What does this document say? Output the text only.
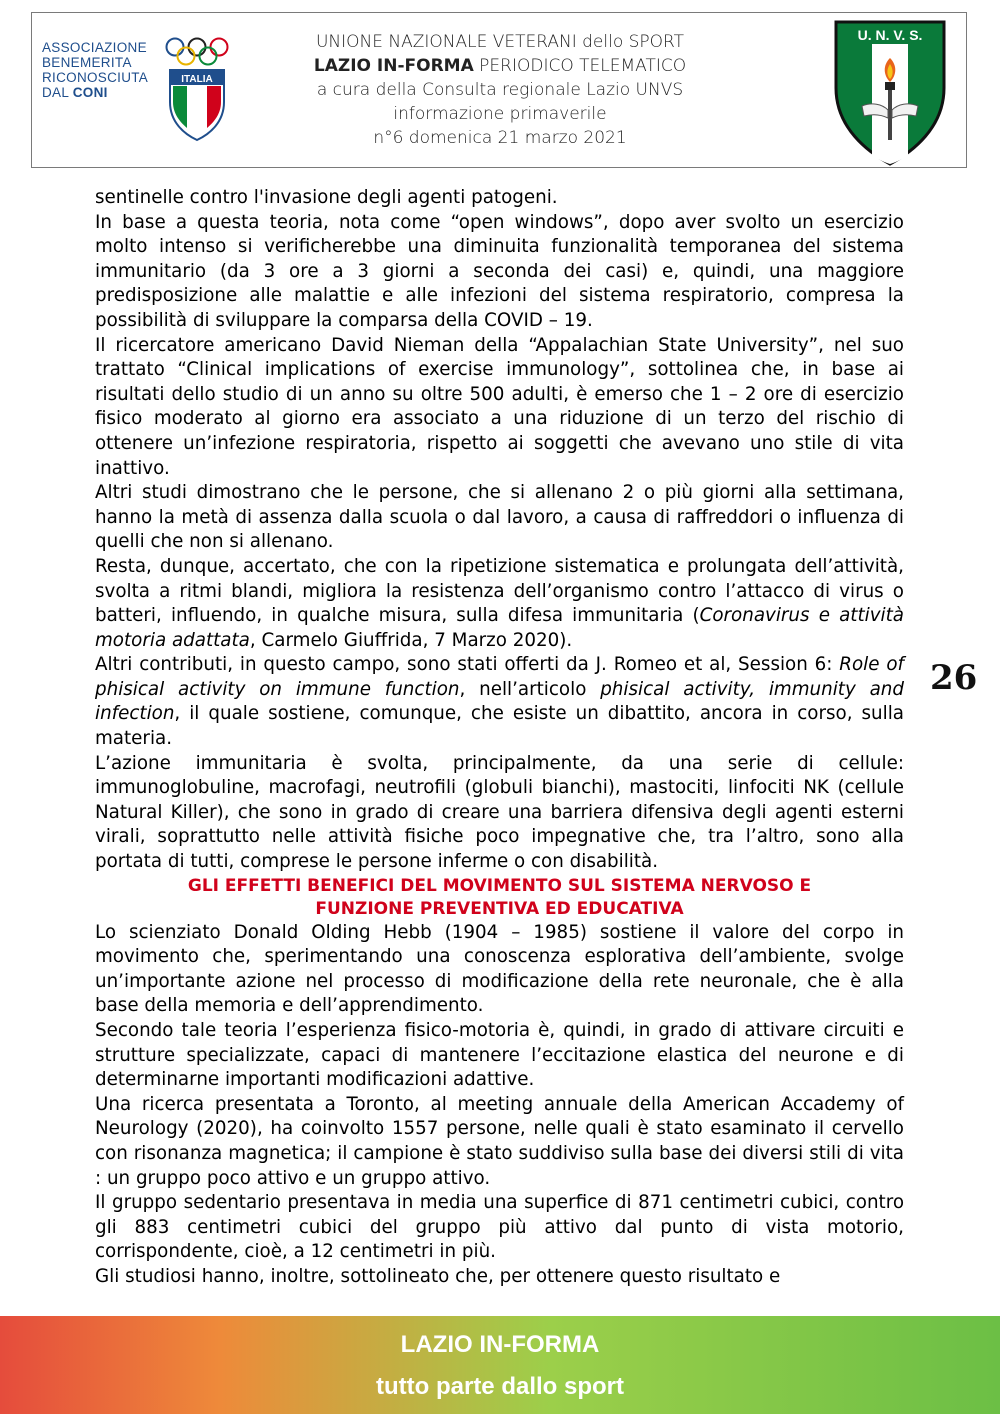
ASSOCIAZIONE
BENEMERITA
RICONOSCIUTA
DAL CONI
ITALIA
UNIONE NAZIONALE VETERANI dello SPORT
LAZIO IN-FORMA PERIODICO TELEMATICO
a cura della Consulta regionale Lazio UNVS
informazione primaverile
n°6 domenica 21 marzo 2021
U. N. V. S.
26

sentinelle contro l'invasione degli agenti patogeni.

In base a questa teoria, nota come “open windows”, dopo aver svolto un esercizio molto intenso si verificherebbe una diminuita funzionalità temporanea del sistema immunitario (da 3 ore a 3 giorni a seconda dei casi) e, quindi, una maggiore predisposizione alle malattie e alle infezioni del sistema respiratorio, compresa la possibilità di sviluppare la comparsa della COVID – 19.

Il ricercatore americano David Nieman della “Appalachian State University”, nel suo trattato “Clinical implications of exercise immunology”, sottolinea che, in base ai risultati dello studio di un anno su oltre 500 adulti, è emerso che 1 – 2 ore di esercizio fisico moderato al giorno era associato a una riduzione di un terzo del rischio di ottenere un’infezione respiratoria, rispetto ai soggetti che avevano uno stile di vita inattivo.

Altri studi dimostrano che le persone, che si allenano 2 o più giorni alla settimana, hanno la metà di assenza dalla scuola o dal lavoro, a causa di raffreddori o influenza di quelli che non si allenano.

Resta, dunque, accertato, che con la ripetizione sistematica e prolungata dell’attività, svolta a ritmi blandi, migliora la resistenza dell’organismo contro l’attacco di virus o batteri, influendo, in qualche misura, sulla difesa immunitaria (Coronavirus e attività motoria adattata, Carmelo Giuffrida, 7 Marzo 2020).

Altri contributi, in questo campo, sono stati offerti da J. Romeo et al, Session 6: Role of phisical activity on immune function, nell’articolo phisical activity, immunity and infection, il quale sostiene, comunque, che esiste un dibattito, ancora in corso, sulla materia.

L’azione immunitaria è svolta, principalmente, da una serie di cellule: immunoglobuline, macrofagi, neutrofili (globuli bianchi), mastociti, linfociti NK (cellule Natural Killer), che sono in grado di creare una barriera difensiva degli agenti esterni virali, soprattutto nelle attività fisiche poco impegnative che, tra l’altro, sono alla portata di tutti, comprese le persone inferme o con disabilità.

GLI EFFETTI BENEFICI DEL MOVIMENTO SUL SISTEMA NERVOSO E
FUNZIONE PREVENTIVA ED EDUCATIVA

Lo scienziato Donald Olding Hebb (1904 – 1985) sostiene il valore del corpo in movimento che, sperimentando una conoscenza esplorativa dell’ambiente, svolge un’importante azione nel processo di modificazione della rete neuronale, che è alla base della memoria e dell’apprendimento.

Secondo tale teoria l’esperienza fisico-motoria è, quindi, in grado di attivare circuiti e strutture specializzate, capaci di mantenere l’eccitazione elastica del neurone e di determinarne importanti modificazioni adattive.

Una ricerca presentata a Toronto, al meeting annuale della American Accademy of Neurology (2020), ha coinvolto 1557 persone, nelle quali è stato esaminato il cervello con risonanza magnetica; il campione è stato suddiviso sulla base dei diversi stili di vita : un gruppo poco attivo e un gruppo attivo.

Il gruppo sedentario presentava in media una superfice di 871 centimetri cubici, contro gli 883 centimetri cubici del gruppo più attivo dal punto di vista motorio, corrispondente, cioè, a 12 centimetri in più.

Gli studiosi hanno, inoltre, sottolineato che, per ottenere questo risultato e

LAZIO IN-FORMA
tutto parte dallo sport
